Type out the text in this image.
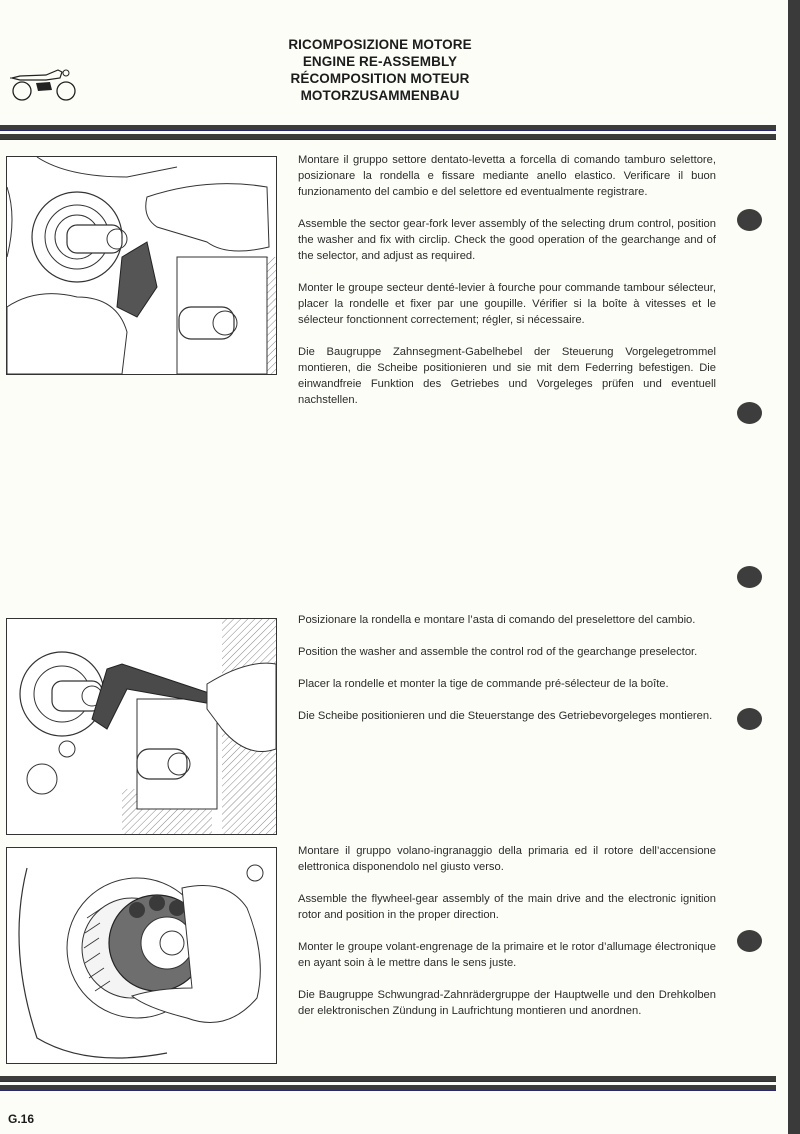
RICOMPOSIZIONE MOTORE
ENGINE RE-ASSEMBLY
RÉCOMPOSITION MOTEUR
MOTORZUSAMMENBAU

Montare il gruppo settore dentato-levetta a forcella di comando tamburo selettore, posizionare la rondella e fissare mediante anello elastico. Verificare il buon funzionamento del cambio e del selettore ed eventualmente registrare.

Assemble the sector gear-fork lever assembly of the selecting drum control, position the washer and fix with circlip. Check the good operation of the gearchange and of the selector, and adjust as required.

Monter le groupe secteur denté-levier à fourche pour commande tambour sélecteur, placer la rondelle et fixer par une goupille. Vérifier si la boîte à vitesses et le sélecteur fonctionnent correctement; régler, si nécessaire.

Die Baugruppe Zahnsegment-Gabelhebel der Steuerung Vorgelegetrommel montieren, die Scheibe positionieren und sie mit dem Federring befestigen. Die einwandfreie Funktion des Getriebes und Vorgeleges prüfen und eventuell nachstellen.

Posizionare la rondella e montare l’asta di comando del preselettore del cambio.

Position the washer and assemble the control rod of the gearchange preselector.

Placer la rondelle et monter la tige de commande pré-sélecteur de la boîte.

Die Scheibe positionieren und die Steuerstange des Getriebevorgeleges montieren.

Montare il gruppo volano-ingranaggio della primaria ed il rotore dell’accensione elettronica disponendolo nel giusto verso.

Assemble the flywheel-gear assembly of the main drive and the electronic ignition rotor and position in the proper direction.

Monter le groupe volant-engrenage de la primaire et le rotor d’allumage électronique en ayant soin à le mettre dans le sens juste.

Die Baugruppe Schwungrad-Zahnrädergruppe der Hauptwelle und den Drehkolben der elektronischen Zündung in Laufrichtung montieren und anordnen.

G.16
